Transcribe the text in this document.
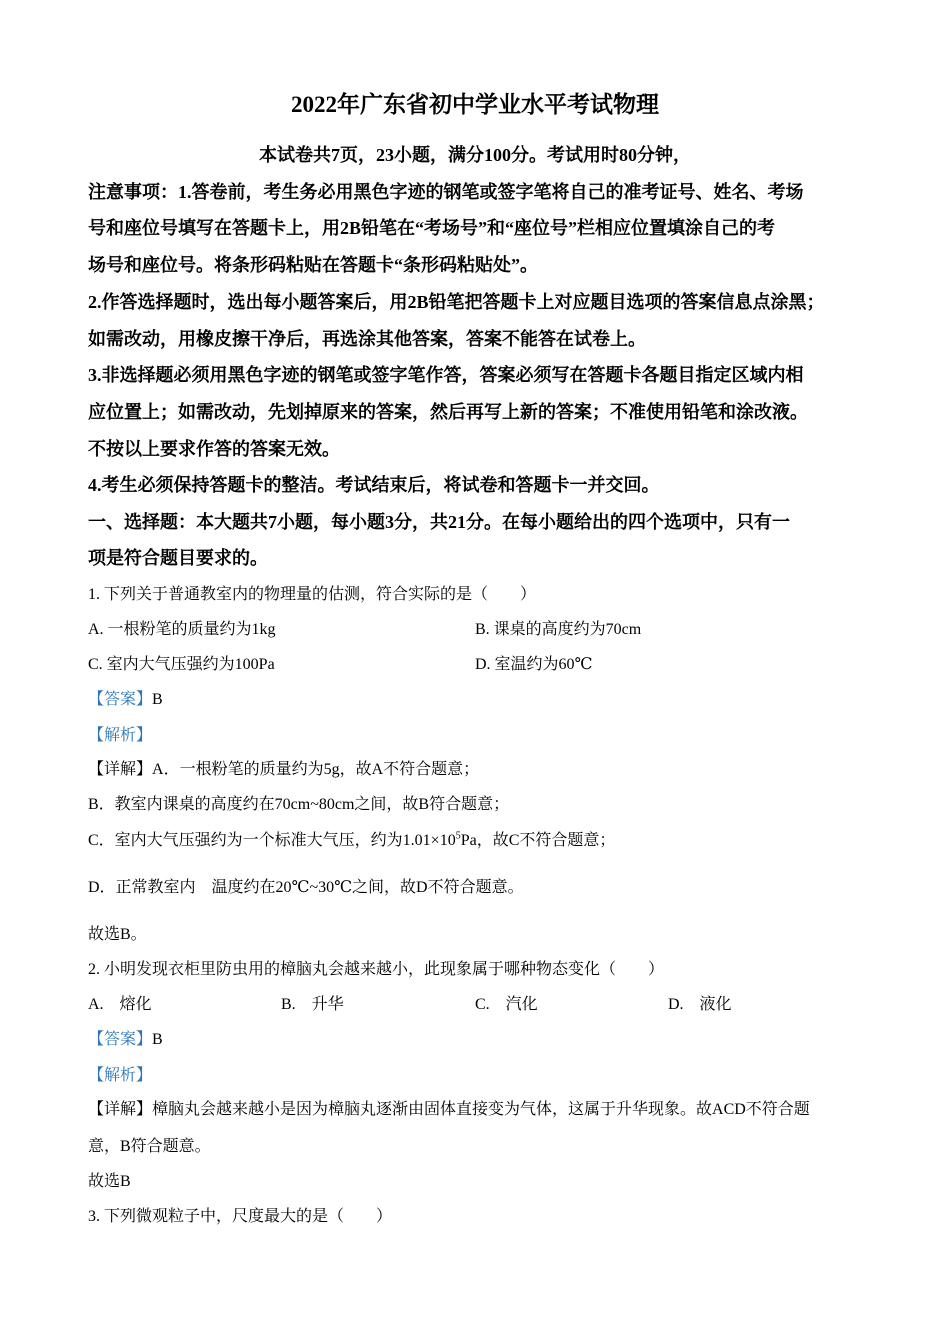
2022年广东省初中学业水平考试物理
本试卷共7页，23小题，满分100分。考试用时80分钟，
注意事项：1.答卷前，考生务必用黑色字迹的钢笔或签字笔将自己的准考证号、姓名、考场
号和座位号填写在答题卡上，用2B铅笔在“考场号”和“座位号”栏相应位置填涂自己的考
场号和座位号。将条形码粘贴在答题卡“条形码粘贴处”。
2.作答选择题时，选出每小题答案后，用2B铅笔把答题卡上对应题目选项的答案信息点涂黑；
如需改动，用橡皮擦干净后，再选涂其他答案，答案不能答在试卷上。
3.非选择题必须用黑色字迹的钢笔或签字笔作答，答案必须写在答题卡各题目指定区域内相
应位置上；如需改动，先划掉原来的答案，然后再写上新的答案；不准使用铅笔和涂改液。
不按以上要求作答的答案无效。
4.考生必须保持答题卡的整洁。考试结束后，将试卷和答题卡一并交回。
一、选择题：本大题共7小题，每小题3分，共21分。在每小题给出的四个选项中，只有一
项是符合题目要求的。
1. 下列关于普通教室内的物理量的估测，符合实际的是（　　）
A. 一根粉笔的质量约为1kg	B. 课桌的高度约为70cm
C. 室内大气压强约为100Pa	D. 室温约为60℃
【答案】B
【解析】
【详解】A．一根粉笔的质量约为5g，故A不符合题意；
B．教室内课桌的高度约在70cm~80cm之间，故B符合题意；
C．室内大气压强约为一个标准大气压，约为$1.01\times 10^5Pa$，故C不符合题意；
D．正常教室内　温度约在20℃~30℃之间，故D不符合题意。
故选B。
2. 小明发现衣柜里防虫用的樟脑丸会越来越小，此现象属于哪种物态变化（　　）
A.　熔化	B.　升华	C.　汽化	D.　液化
【答案】B
【解析】
【详解】樟脑丸会越来越小是因为樟脑丸逐渐由固体直接变为气体，这属于升华现象。故ACD不符合题
意，B符合题意。
故选B
3. 下列微观粒子中，尺度最大的是（　　）
